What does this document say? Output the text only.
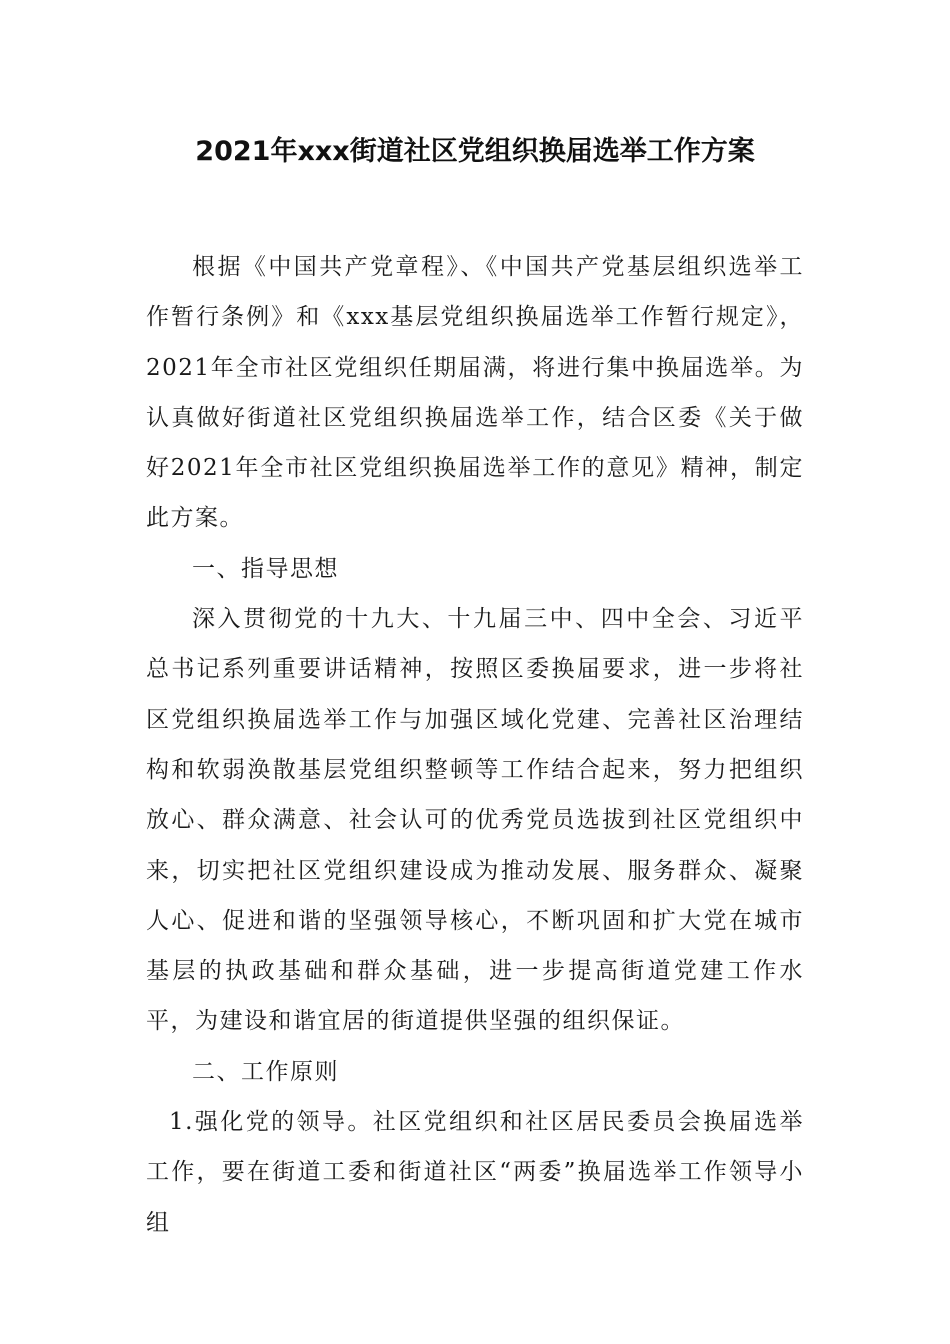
2021年xxx街道社区党组织换届选举工作方案

根据《中国共产党章程》、《中国共产党基层组织选举工作暂行条例》和《xxx基层党组织换届选举工作暂行规定》，2021年全市社区党组织任期届满，将进行集中换届选举。为认真做好街道社区党组织换届选举工作，结合区委《关于做好2021年全市社区党组织换届选举工作的意见》精神，制定此方案。

一、指导思想

深入贯彻党的十九大、十九届三中、四中全会、习近平总书记系列重要讲话精神，按照区委换届要求，进一步将社区党组织换届选举工作与加强区域化党建、完善社区治理结构和软弱涣散基层党组织整顿等工作结合起来，努力把组织放心、群众满意、社会认可的优秀党员选拔到社区党组织中来，切实把社区党组织建设成为推动发展、服务群众、凝聚人心、促进和谐的坚强领导核心，不断巩固和扩大党在城市基层的执政基础和群众基础，进一步提高街道党建工作水平，为建设和谐宜居的街道提供坚强的组织保证。

二、工作原则

1.强化党的领导。社区党组织和社区居民委员会换届选举工作，要在街道工委和街道社区“两委”换届选举工作领导小组
